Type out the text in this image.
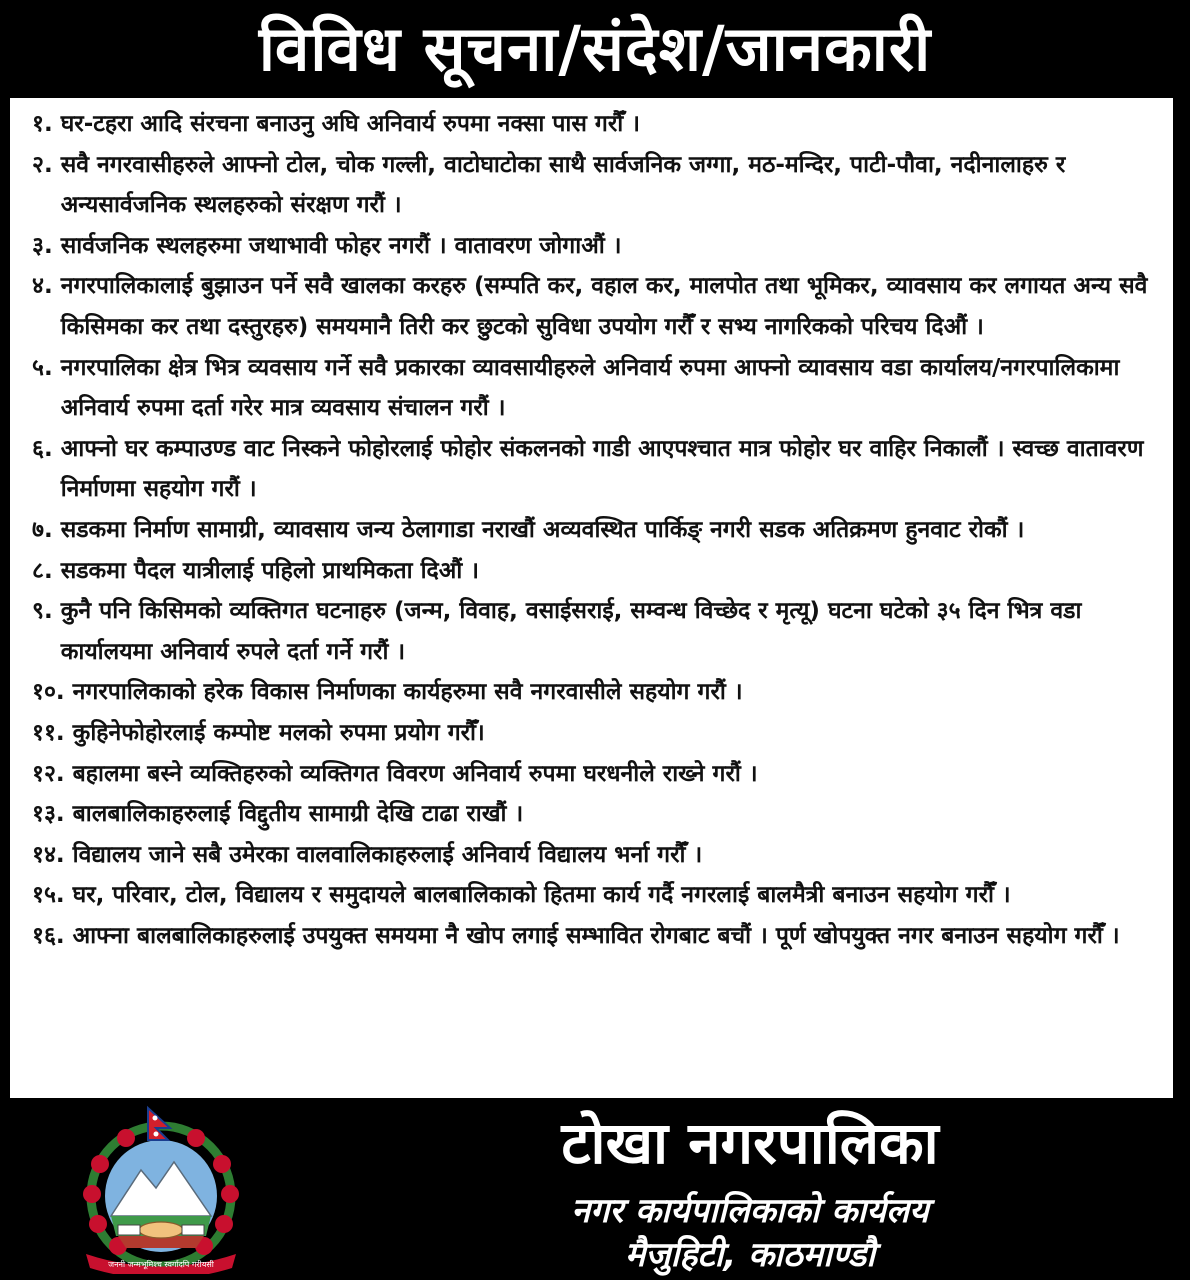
विविध सूचना/संदेश/जानकारी
१. घर-टहरा आदि संरचना बनाउनु अघि अनिवार्य रुपमा नक्सा पास गरौँ ।
२. सवै नगरवासीहरुले आफ्नो टोल, चोक गल्ली, वाटोघाटोका साथै सार्वजनिक जग्गा, मठ-मन्दिर, पाटी-पौवा, नदीनालाहरु र अन्यसार्वजनिक स्थलहरुको संरक्षण गरौं ।
३. सार्वजनिक स्थलहरुमा जथाभावी फोहर नगरौं । वातावरण जोगाऔं ।
४. नगरपालिकालाई बुझाउन पर्ने सवै खालका करहरु (सम्पति कर, वहाल कर, मालपोत तथा भूमिकर, व्यावसाय कर लगायत अन्य सवै किसिमका कर तथा दस्तुरहरु) समयमानै तिरी कर छुटको सुविधा उपयोग गरौँ र सभ्य नागरिकको परिचय दिऔं ।
५. नगरपालिका क्षेत्र भित्र व्यवसाय गर्ने सवै प्रकारका व्यावसायीहरुले अनिवार्य रुपमा आफ्नो व्यावसाय वडा कार्यालय/नगरपालिकामा अनिवार्य रुपमा दर्ता गरेर मात्र व्यवसाय संचालन गरौं ।
६. आफ्नो घर कम्पाउण्ड वाट निस्कने फोहोरलाई फोहोर संकलनको गाडी आएपश्चात मात्र फोहोर घर वाहिर निकालौं । स्वच्छ वातावरण निर्माणमा सहयोग गरौं ।
७. सडकमा निर्माण सामाग्री, व्यावसाय जन्य ठेलागाडा नराखौं अव्यवस्थित पार्किङ् नगरी सडक अतिक्रमण हुनवाट रोकौं ।
८. सडकमा पैदल यात्रीलाई पहिलो प्राथमिकता दिऔं ।
९. कुनै पनि किसिमको व्यक्तिगत घटनाहरु (जन्म, विवाह, वसाईसराई, सम्वन्ध विच्छेद र मृत्यू) घटना घटेको ३५ दिन भित्र वडा कार्यालयमा अनिवार्य रुपले दर्ता गर्ने गरौं ।
१०. नगरपालिकाको हरेक विकास निर्माणका कार्यहरुमा सवै नगरवासीले सहयोग गरौं ।
११. कुहिनेफोहोरलाई कम्पोष्ट मलको रुपमा प्रयोग गरौँ।
१२. बहालमा बस्ने व्यक्तिहरुको व्यक्तिगत विवरण अनिवार्य रुपमा घरधनीले राख्ने गरौं ।
१३. बालबालिकाहरुलाई विद्दुतीय सामाग्री देखि टाढा राखौं ।
१४. विद्यालय जाने सबै उमेरका वालवालिकाहरुलाई अनिवार्य विद्यालय भर्ना गरौँ ।
१५. घर, परिवार, टोल, विद्यालय र समुदायले बालबालिकाको हितमा कार्य गर्दै नगरलाई बालमैत्री बनाउन सहयोग गरौँ ।
१६. आफ्ना बालबालिकाहरुलाई उपयुक्त समयमा नै खोप लगाई सम्भावित रोगबाट बचौं । पूर्ण खोपयुक्त नगर बनाउन सहयोग गरौँ ।
जननी जन्मभूमिश्च स्वर्गादपि गरीयसी
टोखा नगरपालिका
नगर कार्यपालिकाको कार्यलय
मैजुहिटी, काठमाण्डौ
